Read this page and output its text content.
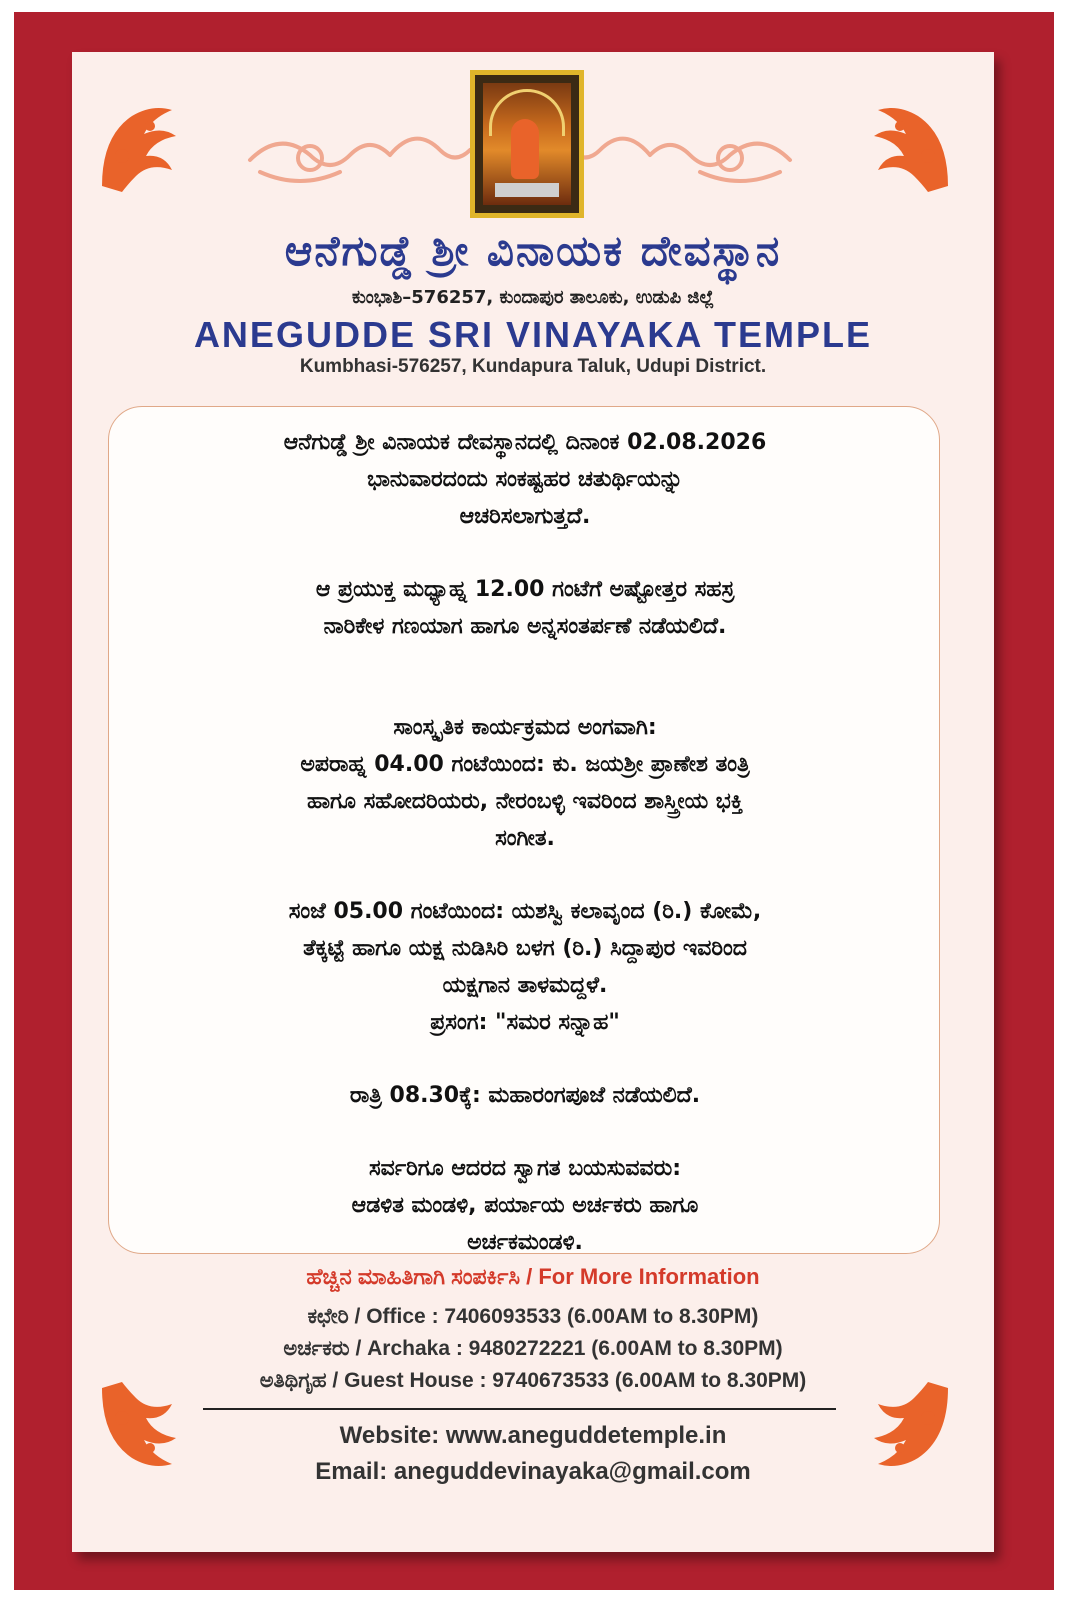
ಆನೆಗುಡ್ಡೆ ಶ್ರೀ ವಿನಾಯಕ ದೇವಸ್ಥಾನ
ಕುಂಭಾಶಿ–576257, ಕುಂದಾಪುರ ತಾಲೂಕು, ಉಡುಪಿ ಜಿಲ್ಲೆ
ANEGUDDE SRI VINAYAKA TEMPLE
Kumbhasi-576257, Kundapura Taluk, Udupi District.

ಆನೆಗುಡ್ಡೆ ಶ್ರೀ ವಿನಾಯಕ ದೇವಸ್ಥಾನದಲ್ಲಿ ದಿನಾಂಕ 02.08.2026

ಭಾನುವಾರದಂದು ಸಂಕಷ್ಟಹರ ಚತುರ್ಥಿಯನ್ನು

ಆಚರಿಸಲಾಗುತ್ತದೆ.

ಆ ಪ್ರಯುಕ್ತ ಮಧ್ಯಾಹ್ನ 12.00 ಗಂಟೆಗೆ ಅಷ್ಟೋತ್ತರ ಸಹಸ್ರ

ನಾರಿಕೇಳ ಗಣಯಾಗ ಹಾಗೂ ಅನ್ನಸಂತರ್ಪಣೆ ನಡೆಯಲಿದೆ.

ಸಾಂಸ್ಕೃತಿಕ ಕಾರ್ಯಕ್ರಮದ ಅಂಗವಾಗಿ:

ಅಪರಾಹ್ನ 04.00 ಗಂಟೆಯಿಂದ: ಕು. ಜಯಶ್ರೀ ಪ್ರಾಣೇಶ ತಂತ್ರಿ

ಹಾಗೂ ಸಹೋದರಿಯರು, ನೇರಂಬಳ್ಳಿ ಇವರಿಂದ ಶಾಸ್ತ್ರೀಯ ಭಕ್ತಿ

ಸಂಗೀತ.

ಸಂಜೆ 05.00 ಗಂಟೆಯಿಂದ: ಯಶಸ್ವಿ ಕಲಾವೃಂದ (ರಿ.) ಕೋಮೆ,

ತೆಕ್ಕಟ್ಟೆ ಹಾಗೂ ಯಕ್ಷ ನುಡಿಸಿರಿ ಬಳಗ (ರಿ.) ಸಿದ್ದಾಪುರ ಇವರಿಂದ

ಯಕ್ಷಗಾನ ತಾಳಮದ್ದಳೆ.

ಪ್ರಸಂಗ: "ಸಮರ ಸನ್ನಾಹ"

ರಾತ್ರಿ 08.30ಕ್ಕೆ: ಮಹಾರಂಗಪೂಜೆ ನಡೆಯಲಿದೆ.

ಸರ್ವರಿಗೂ ಆದರದ ಸ್ವಾಗತ ಬಯಸುವವರು:

ಆಡಳಿತ ಮಂಡಳಿ, ಪರ್ಯಾಯ ಅರ್ಚಕರು ಹಾಗೂ

ಅರ್ಚಕಮಂಡಳಿ.

ಹೆಚ್ಚಿನ ಮಾಹಿತಿಗಾಗಿ ಸಂಪರ್ಕಿಸಿ / For More Information
ಕಛೇರಿ / Office : 7406093533 (6.00AM to 8.30PM)
ಅರ್ಚಕರು / Archaka : 9480272221 (6.00AM to 8.30PM)
ಅತಿಥಿಗೃಹ / Guest House : 9740673533 (6.00AM to 8.30PM)
Website: www.aneguddetemple.in
Email: aneguddevinayaka@gmail.com
